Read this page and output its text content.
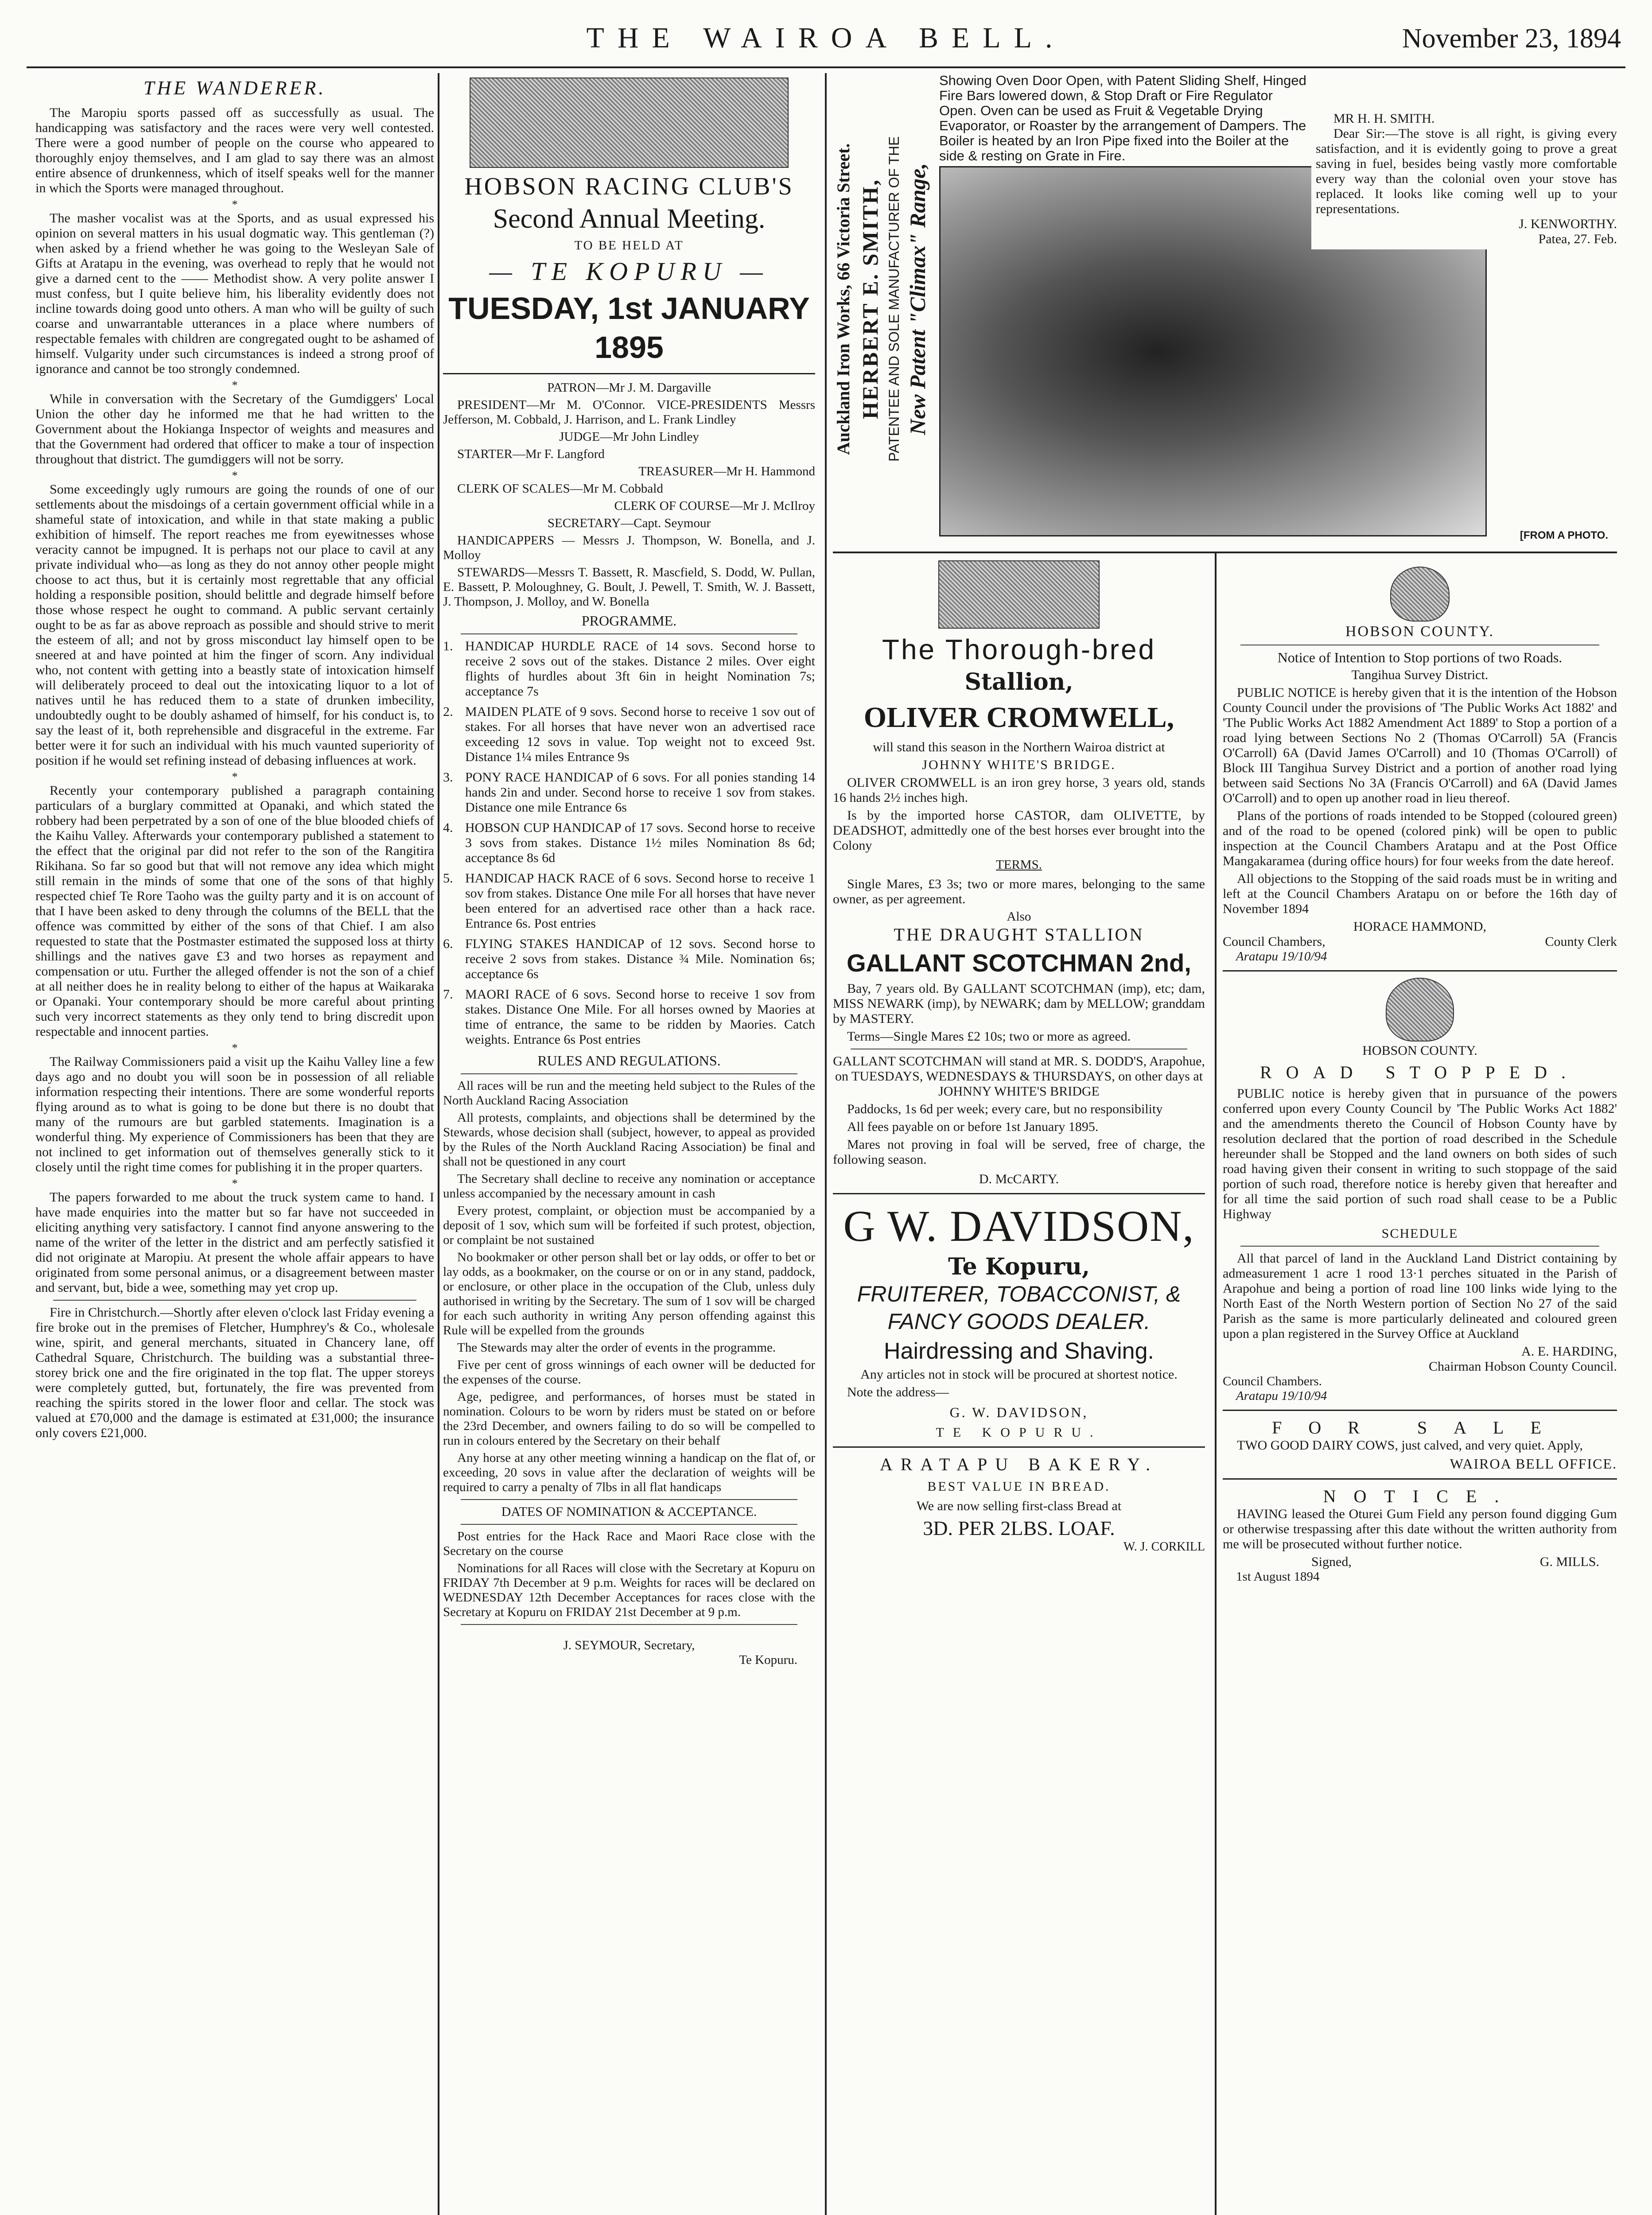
THE WAIROA BELL.	November 23, 1894
THE WANDERER.

The Maropiu sports passed off as successfully as usual. The handicapping was satisfactory and the races were very well contested. There were a good number of people on the course who appeared to thoroughly enjoy themselves, and I am glad to say there was an almost entire absence of drunkenness, which of itself speaks well for the manner in which the Sports were managed throughout.

*

The masher vocalist was at the Sports, and as usual expressed his opinion on several matters in his usual dogmatic way. This gentleman (?) when asked by a friend whether he was going to the Wesleyan Sale of Gifts at Aratapu in the evening, was overhead to reply that he would not give a darned cent to the —— Methodist show. A very polite answer I must confess, but I quite believe him, his liberality evidently does not incline towards doing good unto others. A man who will be guilty of such coarse and unwarrantable utterances in a place where numbers of respectable females with children are congregated ought to be ashamed of himself. Vulgarity under such circumstances is indeed a strong proof of ignorance and cannot be too strongly condemned.

*

While in conversation with the Secretary of the Gumdiggers' Local Union the other day he informed me that he had written to the Government about the Hokianga Inspector of weights and measures and that the Government had ordered that officer to make a tour of inspection throughout that district. The gumdiggers will not be sorry.

*

Some exceedingly ugly rumours are going the rounds of one of our settlements about the misdoings of a certain government official while in a shameful state of intoxication, and while in that state making a public exhibition of himself. The report reaches me from eyewitnesses whose veracity cannot be impugned. It is perhaps not our place to cavil at any private individual who—as long as they do not annoy other people might choose to act thus, but it is certainly most regrettable that any official holding a responsible position, should belittle and degrade himself before those whose respect he ought to command. A public servant certainly ought to be as far as above reproach as possible and should strive to merit the esteem of all; and not by gross misconduct lay himself open to be sneered at and have pointed at him the finger of scorn. Any individual who, not content with getting into a beastly state of intoxication himself will deliberately proceed to deal out the intoxicating liquor to a lot of natives until he has reduced them to a state of drunken imbecility, undoubtedly ought to be doubly ashamed of himself, for his conduct is, to say the least of it, both reprehensible and disgraceful in the extreme. Far better were it for such an individual with his much vaunted superiority of position if he would set refining instead of debasing influences at work.

*

Recently your contemporary published a paragraph containing particulars of a burglary committed at Opanaki, and which stated the robbery had been perpetrated by a son of one of the blue blooded chiefs of the Kaihu Valley. Afterwards your contemporary published a statement to the effect that the original par did not refer to the son of the Rangitira Rikihana. So far so good but that will not remove any idea which might still remain in the minds of some that one of the sons of that highly respected chief Te Rore Taoho was the guilty party and it is on account of that I have been asked to deny through the columns of the BELL that the offence was committed by either of the sons of that Chief. I am also requested to state that the Postmaster estimated the supposed loss at thirty shillings and the natives gave £3 and two horses as repayment and compensation or utu. Further the alleged offender is not the son of a chief at all neither does he in reality belong to either of the hapus at Waikaraka or Opanaki. Your contemporary should be more careful about printing such very incorrect statements as they only tend to bring discredit upon respectable and innocent parties.

*

The Railway Commissioners paid a visit up the Kaihu Valley line a few days ago and no doubt you will soon be in possession of all reliable information respecting their intentions. There are some wonderful reports flying around as to what is going to be done but there is no doubt that many of the rumours are but garbled statements. Imagination is a wonderful thing. My experience of Commissioners has been that they are not inclined to get information out of themselves generally stick to it closely until the right time comes for publishing it in the proper quarters.

*

The papers forwarded to me about the truck system came to hand. I have made enquiries into the matter but so far have not succeeded in eliciting anything very satisfactory. I cannot find anyone answering to the name of the writer of the letter in the district and am perfectly satisfied it did not originate at Maropiu. At present the whole affair appears to have originated from some personal animus, or a disagreement between master and servant, but, bide a wee, something may yet crop up.

Fire in Christchurch.—Shortly after eleven o'clock last Friday evening a fire broke out in the premises of Fletcher, Humphrey's & Co., wholesale wine, spirit, and general merchants, situated in Chancery lane, off Cathedral Square, Christchurch. The building was a substantial three-storey brick one and the fire originated in the top flat. The upper storeys were completely gutted, but, fortunately, the fire was prevented from reaching the spirits stored in the lower floor and cellar. The stock was valued at £70,000 and the damage is estimated at £31,000; the insurance only covers £21,000.

HOBSON RACING CLUB'S
Second Annual Meeting.
TO BE HELD AT
— TE KOPURU —
TUESDAY, 1st JANUARY 1895

PATRON—Mr J. M. Dargaville

PRESIDENT—Mr M. O'Connor. VICE-PRESIDENTS Messrs Jefferson, M. Cobbald, J. Harrison, and L. Frank Lindley

JUDGE—Mr John Lindley

STARTER—Mr F. Langford

TREASURER—Mr H. Hammond

CLERK OF SCALES—Mr M. Cobbald

CLERK OF COURSE—Mr J. McIlroy

SECRETARY—Capt. Seymour

HANDICAPPERS — Messrs J. Thompson, W. Bonella, and J. Molloy

STEWARDS—Messrs T. Bassett, R. Mascfield, S. Dodd, W. Pullan, E. Bassett, P. Moloughney, G. Boult, J. Pewell, T. Smith, W. J. Bassett, J. Thompson, J. Molloy, and W. Bonella

PROGRAMME.
1. HANDICAP HURDLE RACE of 14 sovs. Second horse to receive 2 sovs out of the stakes. Distance 2 miles. Over eight flights of hurdles about 3ft 6in in height Nomination 7s; acceptance 7s
2. MAIDEN PLATE of 9 sovs. Second horse to receive 1 sov out of stakes. For all horses that have never won an advertised race exceeding 12 sovs in value. Top weight not to exceed 9st. Distance 1¼ miles Entrance 9s
3. PONY RACE HANDICAP of 6 sovs. For all ponies standing 14 hands 2in and under. Second horse to receive 1 sov from stakes. Distance one mile Entrance 6s
4. HOBSON CUP HANDICAP of 17 sovs. Second horse to receive 3 sovs from stakes. Distance 1½ miles Nomination 8s 6d; acceptance 8s 6d
5. HANDICAP HACK RACE of 6 sovs. Second horse to receive 1 sov from stakes. Distance One mile For all horses that have never been entered for an advertised race other than a hack race. Entrance 6s. Post entries
6. FLYING STAKES HANDICAP of 12 sovs. Second horse to receive 2 sovs from stakes. Distance ¾ Mile. Nomination 6s; acceptance 6s
7. MAORI RACE of 6 sovs. Second horse to receive 1 sov from stakes. Distance One Mile. For all horses owned by Maories at time of entrance, the same to be ridden by Maories. Catch weights. Entrance 6s Post entries
RULES AND REGULATIONS.

All races will be run and the meeting held subject to the Rules of the North Auckland Racing Association

All protests, complaints, and objections shall be determined by the Stewards, whose decision shall (subject, however, to appeal as provided by the Rules of the North Auckland Racing Association) be final and shall not be questioned in any court

The Secretary shall decline to receive any nomination or acceptance unless accompanied by the necessary amount in cash

Every protest, complaint, or objection must be accompanied by a deposit of 1 sov, which sum will be forfeited if such protest, objection, or complaint be not sustained

No bookmaker or other person shall bet or lay odds, or offer to bet or lay odds, as a bookmaker, on the course or on or in any stand, paddock, or enclosure, or other place in the occupation of the Club, unless duly authorised in writing by the Secretary. The sum of 1 sov will be charged for each such authority in writing Any person offending against this Rule will be expelled from the grounds

The Stewards may alter the order of events in the programme.

Five per cent of gross winnings of each owner will be deducted for the expenses of the course.

Age, pedigree, and performances, of horses must be stated in nomination. Colours to be worn by riders must be stated on or before the 23rd December, and owners failing to do so will be compelled to run in colours entered by the Secretary on their behalf

Any horse at any other meeting winning a handicap on the flat of, or exceeding, 20 sovs in value after the declaration of weights will be required to carry a penalty of 7lbs in all flat handicaps

DATES OF NOMINATION & ACCEPTANCE.

Post entries for the Hack Race and Maori Race close with the Secretary on the course

Nominations for all Races will close with the Secretary at Kopuru on FRIDAY 7th December at 9 p.m. Weights for races will be declared on WEDNESDAY 12th December Acceptances for races close with the Secretary at Kopuru on FRIDAY 21st December at 9 p.m.

J. SEYMOUR, Secretary,
Te Kopuru.
Auckland Iron Works, 66 Victoria Street. HERBERT E. SMITH, PATENTEE AND SOLE MANUFACTURER OF THE New Patent "Climax" Range,
Showing Oven Door Open, with Patent Sliding Shelf, Hinged Fire Bars lowered down, & Stop Draft or Fire Regulator Open. Oven can be used as Fruit & Vegetable Drying Evaporator, or Roaster by the arrangement of Dampers. The Boiler is heated by an Iron Pipe fixed into the Boiler at the side & resting on Grate in Fire.
MR H. H. SMITH.
Dear Sir:—The stove is all right, is giving every satisfaction, and it is evidently going to prove a great saving in fuel, besides being vastly more comfortable every way than the colonial oven your stove has replaced. It looks like coming well up to your representations.
J. KENWORTHY.
Patea, 27. Feb.
[FROM A PHOTO.
The Thorough-bred
Stallion,
OLIVER CROMWELL,

will stand this season in the Northern Wairoa district at

JOHNNY WHITE'S BRIDGE.

OLIVER CROMWELL is an iron grey horse, 3 years old, stands 16 hands 2½ inches high.

Is by the imported horse CASTOR, dam OLIVETTE, by DEADSHOT, admittedly one of the best horses ever brought into the Colony

TERMS.

Single Mares, £3 3s; two or more mares, belonging to the same owner, as per agreement.

Also
THE DRAUGHT STALLION
GALLANT SCOTCHMAN 2nd,

Bay, 7 years old. By GALLANT SCOTCHMAN (imp), etc; dam, MISS NEWARK (imp), by NEWARK; dam by MELLOW; granddam by MASTERY.

Terms—Single Mares £2 10s; two or more as agreed.

GALLANT SCOTCHMAN will stand at MR. S. DODD'S, Arapohue, on TUESDAYS, WEDNESDAYS & THURSDAYS, on other days at JOHNNY WHITE'S BRIDGE

Paddocks, 1s 6d per week; every care, but no responsibility

All fees payable on or before 1st January 1895.

Mares not proving in foal will be served, free of charge, the following season.

D. McCARTY.
G W. DAVIDSON,
Te Kopuru,
FRUITERER, TOBACCONIST, &
FANCY GOODS DEALER.
Hairdressing and Shaving.

Any articles not in stock will be procured at shortest notice.

Note the address—

G. W. DAVIDSON,
TE KOPURU.
ARATAPU BAKERY.
BEST VALUE IN BREAD.

We are now selling first-class Bread at

3D. PER 2LBS. LOAF.
W. J. CORKILL
HOBSON COUNTY.

Notice of Intention to Stop portions of two Roads.

Tangihua Survey District.

PUBLIC NOTICE is hereby given that it is the intention of the Hobson County Council under the provisions of 'The Public Works Act 1882' and 'The Public Works Act 1882 Amendment Act 1889' to Stop a portion of a road lying between Sections No 2 (Thomas O'Carroll) 5A (Francis O'Carroll) 6A (David James O'Carroll) and 10 (Thomas O'Carroll) of Block III Tangihua Survey District and a portion of another road lying between said Sections No 3A (Francis O'Carroll) and 6A (David James O'Carroll) and to open up another road in lieu thereof.

Plans of the portions of roads intended to be Stopped (coloured green) and of the road to be opened (colored pink) will be open to public inspection at the Council Chambers Aratapu and at the Post Office Mangakaramea (during office hours) for four weeks from the date hereof.

All objections to the Stopping of the said roads must be in writing and left at the Council Chambers Aratapu on or before the 16th day of November 1894

HORACE HAMMOND,
Council Chambers,	County Clerk
Aratapu 19/10/94
HOBSON COUNTY.
ROAD STOPPED.

PUBLIC notice is hereby given that in pursuance of the powers conferred upon every County Council by 'The Public Works Act 1882' and the amendments thereto the Council of Hobson County have by resolution declared that the portion of road described in the Schedule hereunder shall be Stopped and the land owners on both sides of such road having given their consent in writing to such stoppage of the said portion of such road, therefore notice is hereby given that hereafter and for all time the said portion of such road shall cease to be a Public Highway

SCHEDULE

All that parcel of land in the Auckland Land District containing by admeasurement 1 acre 1 rood 13·1 perches situated in the Parish of Arapohue and being a portion of road line 100 links wide lying to the North East of the North Western portion of Section No 27 of the said Parish as the same is more particularly delineated and coloured green upon a plan registered in the Survey Office at Auckland

A. E. HARDING,
Chairman Hobson County Council.
Council Chambers.
Aratapu 19/10/94
FOR SALE

TWO GOOD DAIRY COWS, just calved, and very quiet. Apply,

WAIROA BELL OFFICE.
NOTICE.

HAVING leased the Oturei Gum Field any person found digging Gum or otherwise trespassing after this date without the written authority from me will be prosecuted without further notice.

Signed,	G. MILLS.
1st August 1894
